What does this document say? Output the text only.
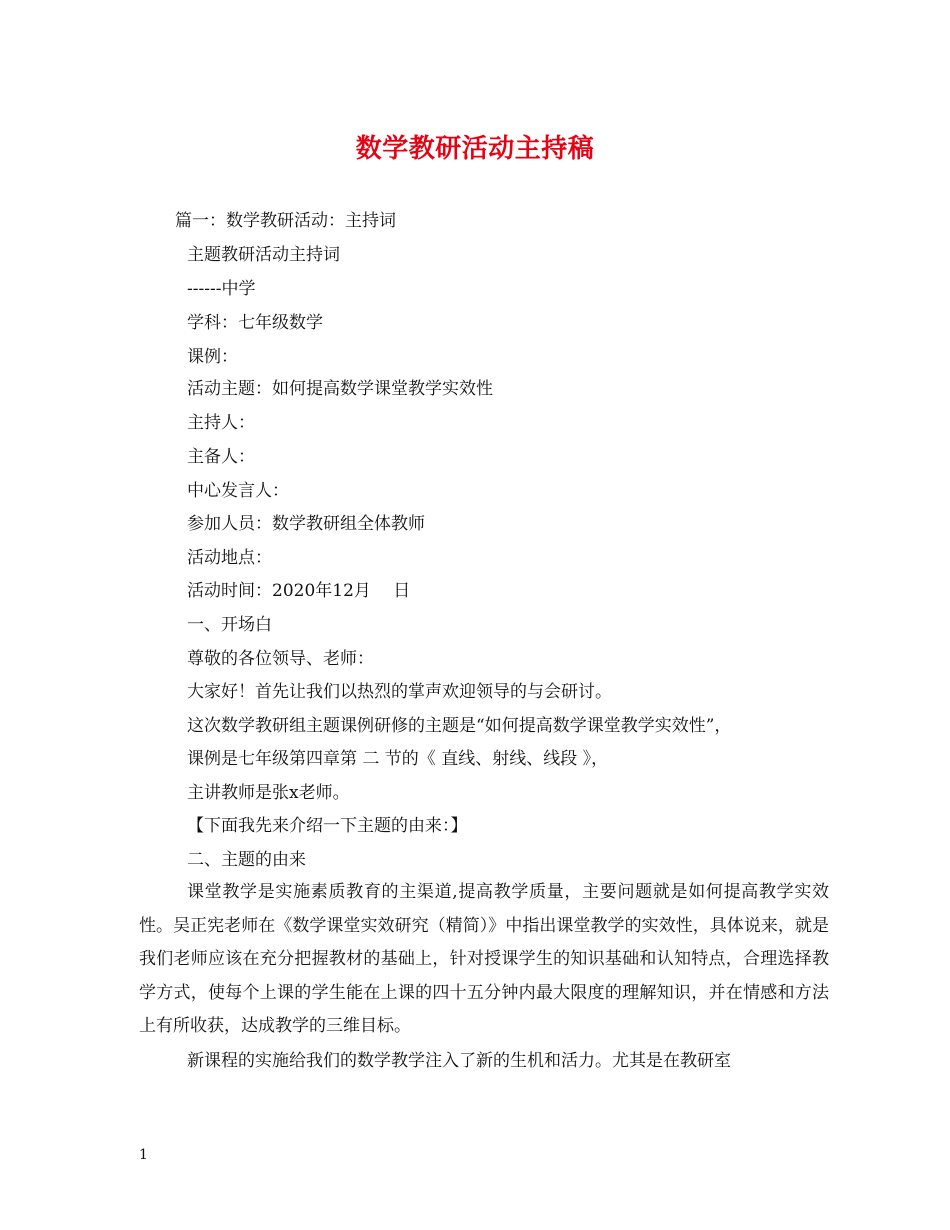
数学教研活动主持稿
篇一：数学教研活动：主持词
主题教研活动主持词
------中学
学科：七年级数学
课例：
活动主题：如何提高数学课堂教学实效性
主持人：
主备人：
中心发言人：
参加人员：数学教研组全体教师
活动地点：
活动时间：2020年12月　 日
一、开场白
尊敬的各位领导、老师：
大家好！首先让我们以热烈的掌声欢迎领导的与会研讨。
这次数学教研组主题课例研修的主题是“如何提高数学课堂教学实效性”，
课例是七年级第四章第 二 节的《 直线、射线、线段 》，
主讲教师是张x老师。
【下面我先来介绍一下主题的由来：】
二、主题的由来
课堂教学是实施素质教育的主渠道,提高教学质量，主要问题就是如何提高教学实效性。吴正宪老师在《数学课堂实效研究（精简）》中指出课堂教学的实效性，具体说来，就是我们老师应该在充分把握教材的基础上，针对授课学生的知识基础和认知特点，合理选择教学方式，使每个上课的学生能在上课的四十五分钟内最大限度的理解知识，并在情感和方法上有所收获，达成教学的三维目标。
新课程的实施给我们的数学教学注入了新的生机和活力。尤其是在教研室
1
